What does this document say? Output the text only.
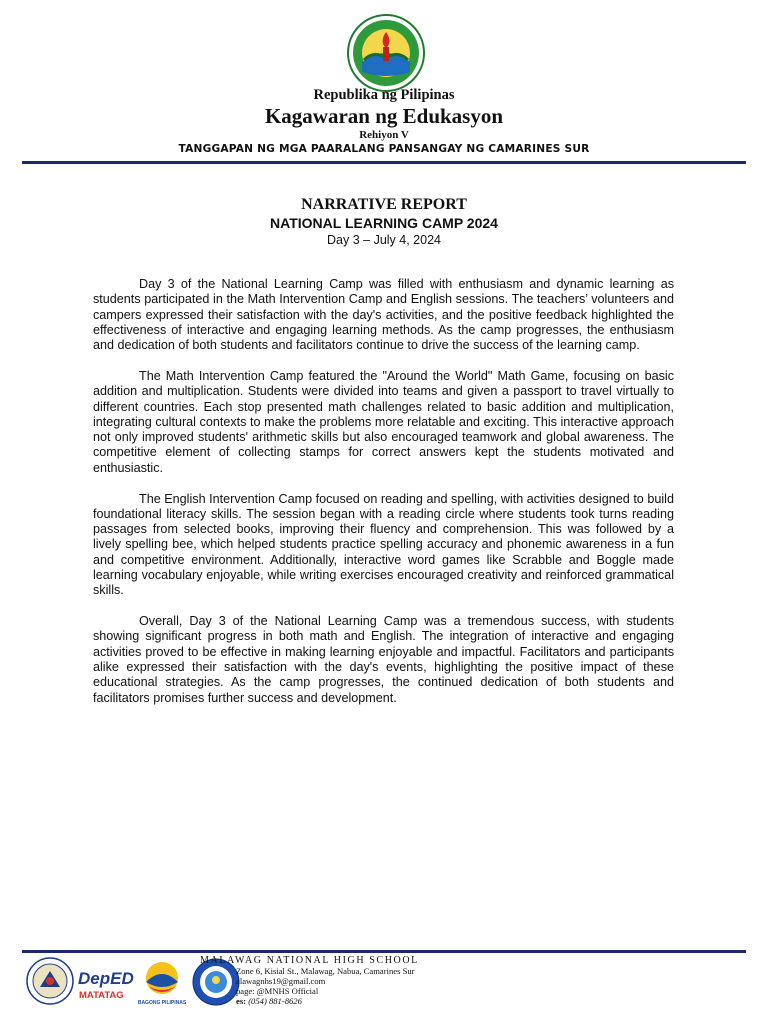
Republika ng Pilipinas
Kagawaran ng Edukasyon
Rehiyon V
TANGGAPAN NG MGA PAARALANG PANSANGAY NG CAMARINES SUR
NARRATIVE REPORT
NATIONAL LEARNING CAMP 2024
Day 3 – July 4, 2024

Day 3 of the National Learning Camp was filled with enthusiasm and dynamic learning as students participated in the Math Intervention Camp and English sessions. The teachers’ volunteers and campers expressed their satisfaction with the day's activities, and the positive feedback highlighted the effectiveness of interactive and engaging learning methods. As the camp progresses, the enthusiasm and dedication of both students and facilitators continue to drive the success of the learning camp.

The Math Intervention Camp featured the "Around the World" Math Game, focusing on basic addition and multiplication. Students were divided into teams and given a passport to travel virtually to different countries. Each stop presented math challenges related to basic addition and multiplication, integrating cultural contexts to make the problems more relatable and exciting. This interactive approach not only improved students' arithmetic skills but also encouraged teamwork and global awareness. The competitive element of collecting stamps for correct answers kept the students motivated and enthusiastic.

The English Intervention Camp focused on reading and spelling, with activities designed to build foundational literacy skills. The session began with a reading circle where students took turns reading passages from selected books, improving their fluency and comprehension. This was followed by a lively spelling bee, which helped students practice spelling accuracy and phonemic awareness in a fun and competitive environment. Additionally, interactive word games like Scrabble and Boggle made learning vocabulary enjoyable, while writing exercises encouraged creativity and reinforced grammatical skills.

Overall, Day 3 of the National Learning Camp was a tremendous success, with students showing significant progress in both math and English. The integration of interactive and engaging activities proved to be effective in making learning enjoyable and impactful. Facilitators and participants alike expressed their satisfaction with the day's events, highlighting the positive impact of these educational strategies. As the camp progresses, the continued dedication of both students and facilitators promises further success and development.

DepED
MATATAG
BAGONG PILIPINAS
MALAWAG NATIONAL HIGH SCHOOL
Zone 6, Kisial St., Malawag, Nabua, Camarines Sur
alawagnhs19@gmail.com
page: @MNHS Official
es: (054) 881-8626
